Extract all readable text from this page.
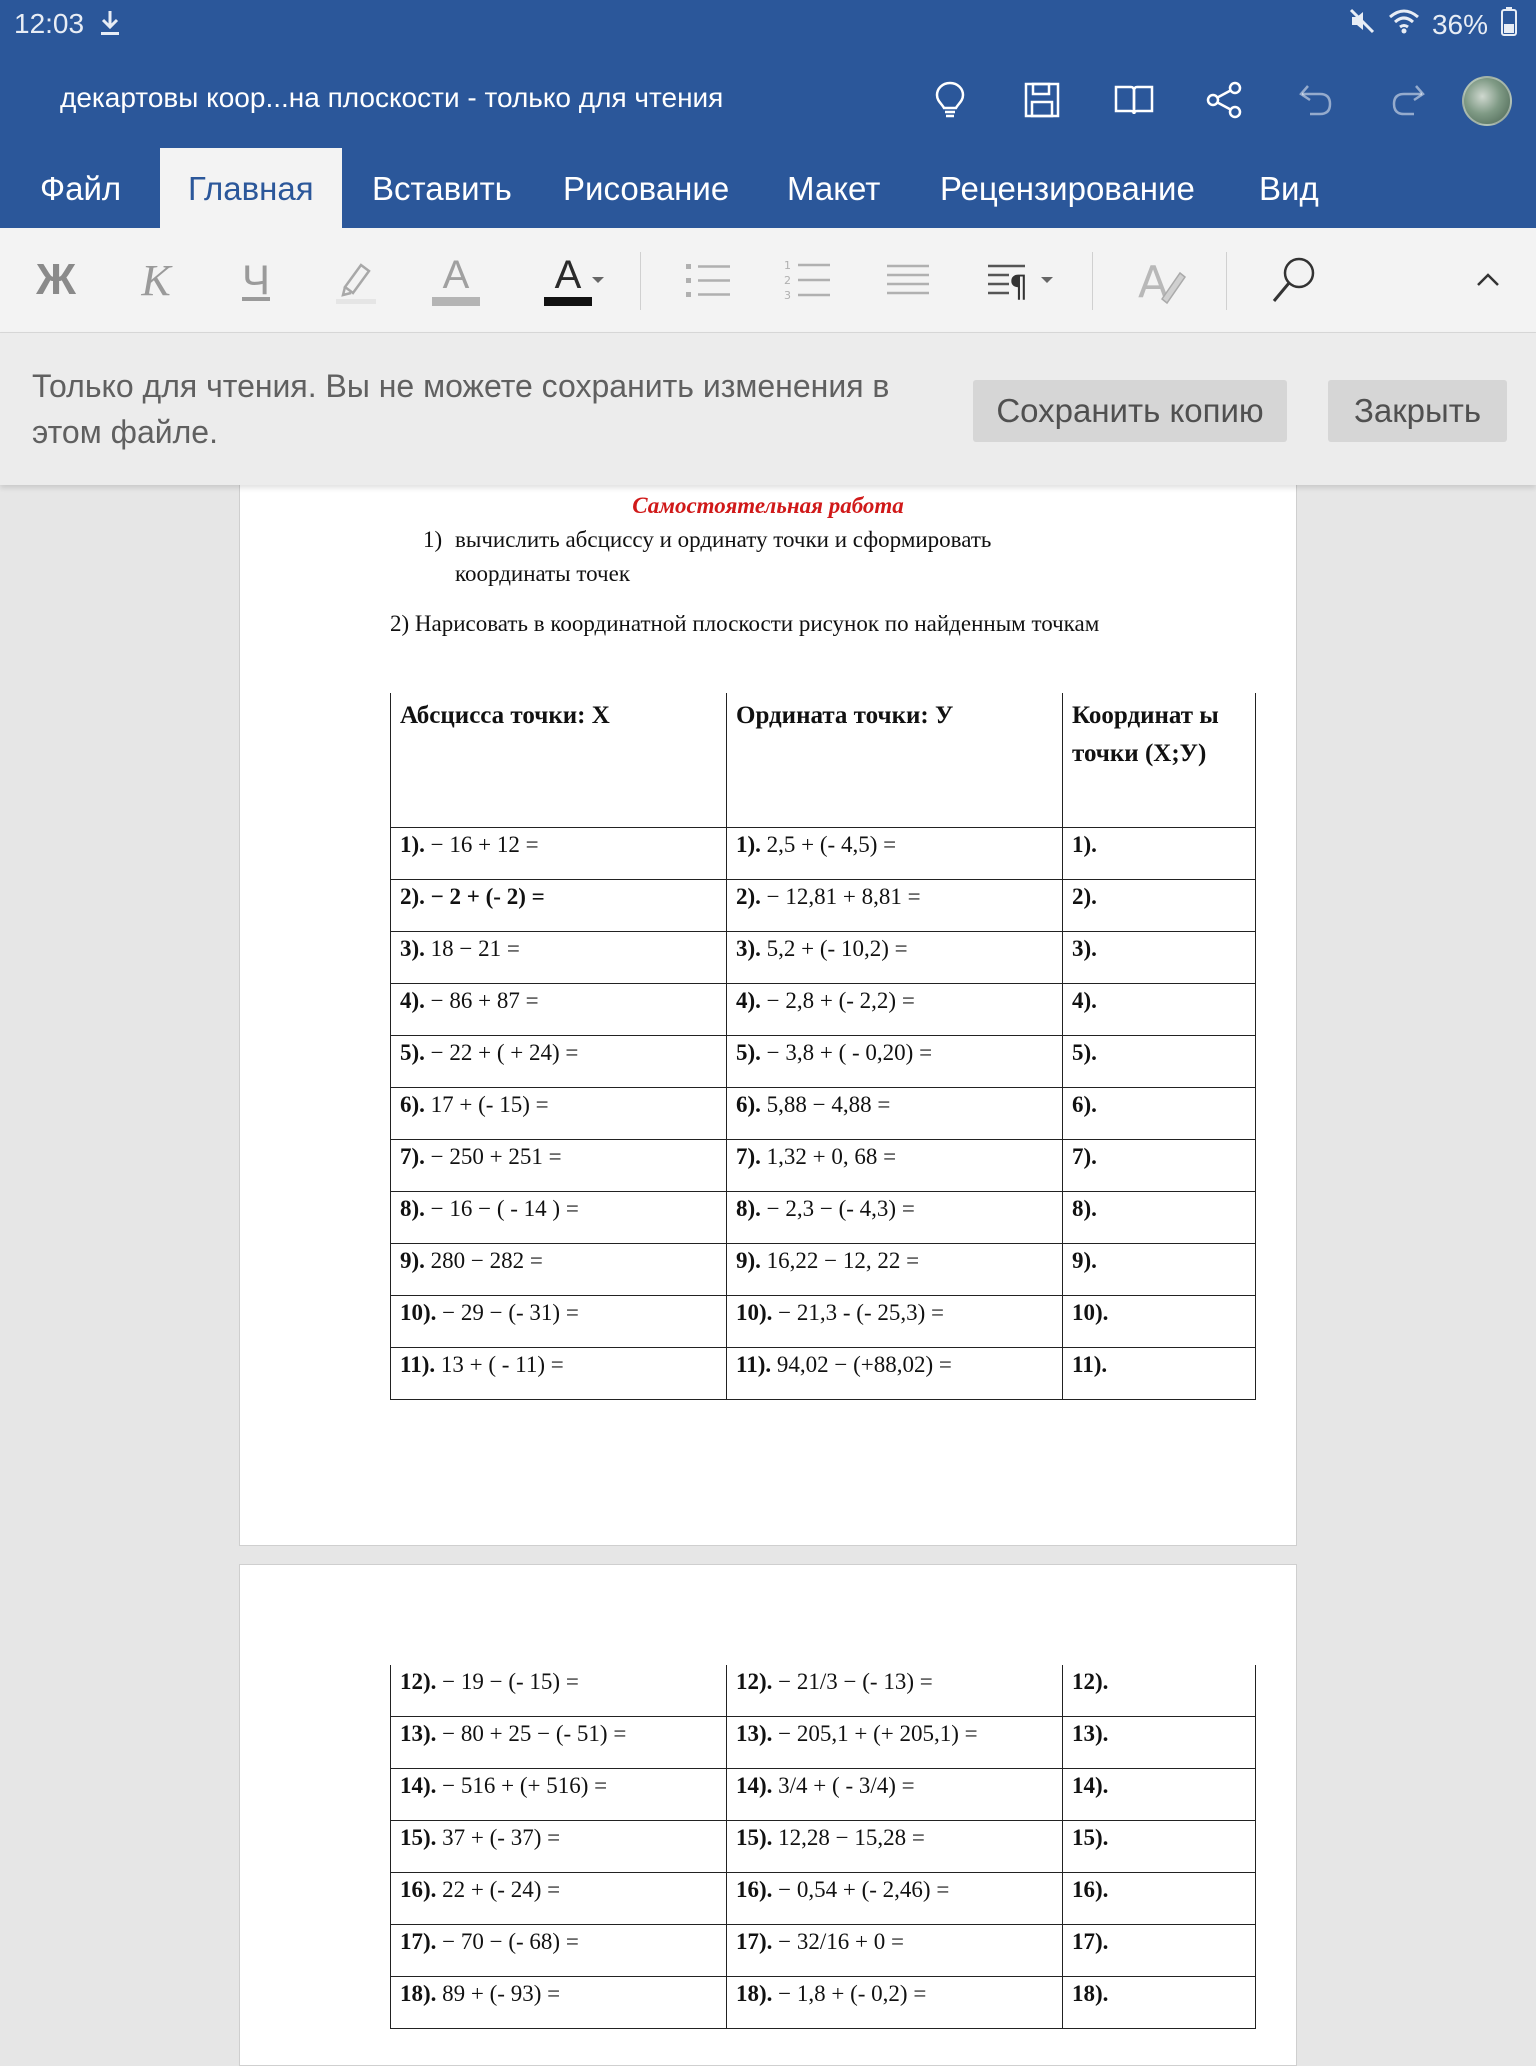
12:03	36%
декартовы коор...на плоскости - только для чтения
Файл	Главная	Вставить Рисование Макет Рецензирование Вид
Ж	К	Ч	A A	1
2
3	¶ A
Только для чтения. Вы не можете сохранить изменения в этом файле.
Сохранить копию	Закрыть
Самостоятельная работа
1) вычислить абсциссу и ординату точки и сформировать координаты точек
2) Нарисовать в координатной плоскости рисунок по найденным точкам
Абсцисса точки: Х	Ордината точки: У	Координат ы точки (Х;У)
1). − 16 + 12 =	1). 2,5 + (- 4,5) =	1).
2). − 2 + (- 2) =	2). − 12,81 + 8,81 =	2).
3). 18 − 21 =	3). 5,2 + (- 10,2) =	3).
4). − 86 + 87 =	4). − 2,8 + (- 2,2) =	4).
5). − 22 + ( + 24) =	5). − 3,8 + ( - 0,20) =	5).
6). 17 + (- 15) =	6). 5,88 − 4,88 =	6).
7). − 250 + 251 =	7). 1,32 + 0, 68 =	7).
8). − 16 − ( - 14 ) =	8). − 2,3 − (- 4,3) =	8).
9). 280 − 282 =	9). 16,22 − 12, 22 =	9).
10). − 29 − (- 31) =	10). − 21,3 - (- 25,3) =	10).
11). 13 + ( - 11) =	11). 94,02 − (+88,02) =	11).
12). − 19 − (- 15) =	12). − 21/3 − (- 13) =	12).
13). − 80 + 25 − (- 51) =	13). − 205,1 + (+ 205,1) =	13).
14). − 516 + (+ 516) =	14). 3/4 + ( - 3/4) =	14).
15). 37 + (- 37) =	15). 12,28 − 15,28 =	15).
16). 22 + (- 24) =	16). − 0,54 + (- 2,46) =	16).
17). − 70 − (- 68) =	17). − 32/16 + 0 =	17).
18). 89 + (- 93) =	18). − 1,8 + (- 0,2) =	18).
